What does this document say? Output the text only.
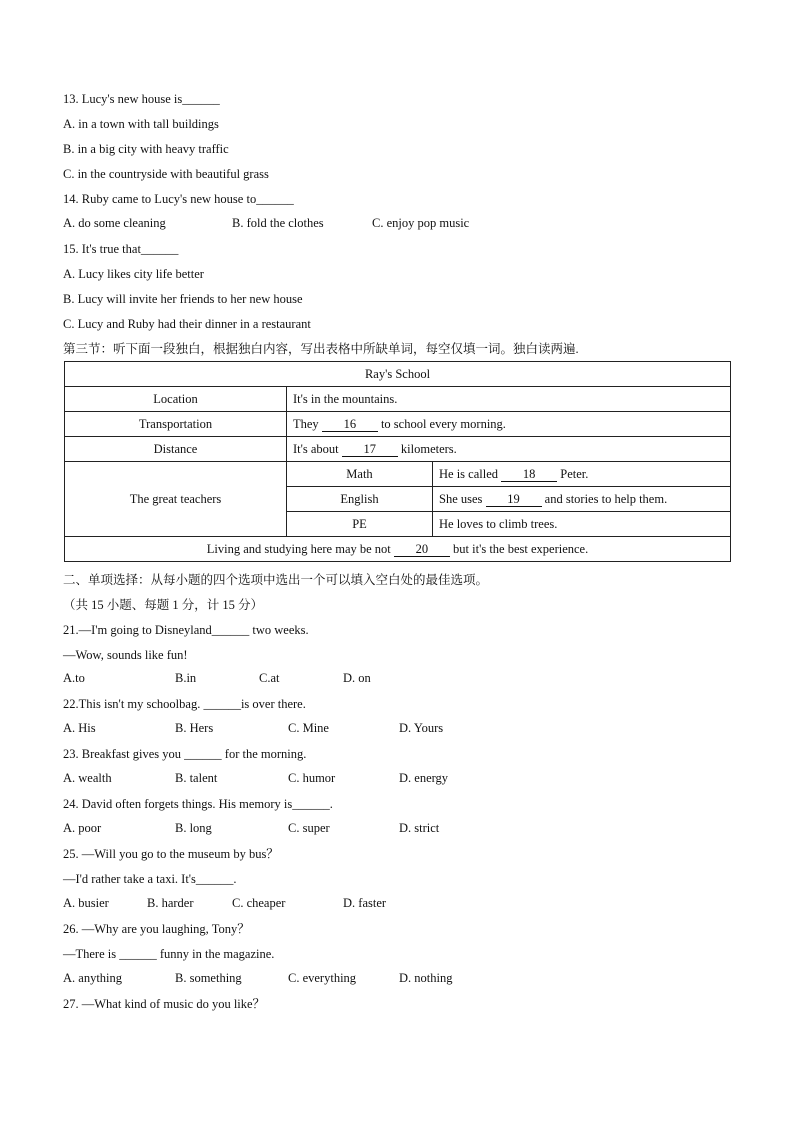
13. Lucy's new house is______
A. in a town with tall buildings
B. in a big city with heavy traffic
C. in the countryside with beautiful grass
14. Ruby came to Lucy's new house to______
A. do some cleaning	B. fold the clothes	C. enjoy pop music
15. It's true that______
A. Lucy likes city life better
B. Lucy will invite her friends to her new house
C. Lucy and Ruby had their dinner in a restaurant
第三节：听下面一段独白，根据独白内容，写出表格中所缺单词，每空仅填一词。独白读两遍.
Ray's School		
Location	It's in the mountains.	
Transportation	They 16 to school every morning.	
Distance	It's about 17 kilometers.	
The great teachers	Math	He is called 18 Peter.
	English	She uses 19 and stories to help them.
	PE	He loves to climb trees.
Living and studying here may be not 20 but it's the best experience.		
二、单项选择：从每小题的四个选项中选出一个可以填入空白处的最佳选项。
（共 15 小题、每题 1 分，计 15 分）
21.—I'm going to Disneyland______ two weeks.
—Wow, sounds like fun!
A.to	B.in	C.at	D. on
22.This isn't my schoolbag. ______is over there.
A. His	B. Hers	C. Mine	D. Yours
23. Breakfast gives you ______ for the morning.
A. wealth	B. talent	C. humor	D. energy
24. David often forgets things. His memory is______.
A. poor	B. long	C. super	D. strict
25. —Will you go to the museum by bus？
—I'd rather take a taxi. It's______.
A. busier	B. harder	C. cheaper	D. faster
26. —Why are you laughing, Tony？
—There is ______ funny in the magazine.
A. anything	B. something	C. everything	D. nothing
27. —What kind of music do you like？
